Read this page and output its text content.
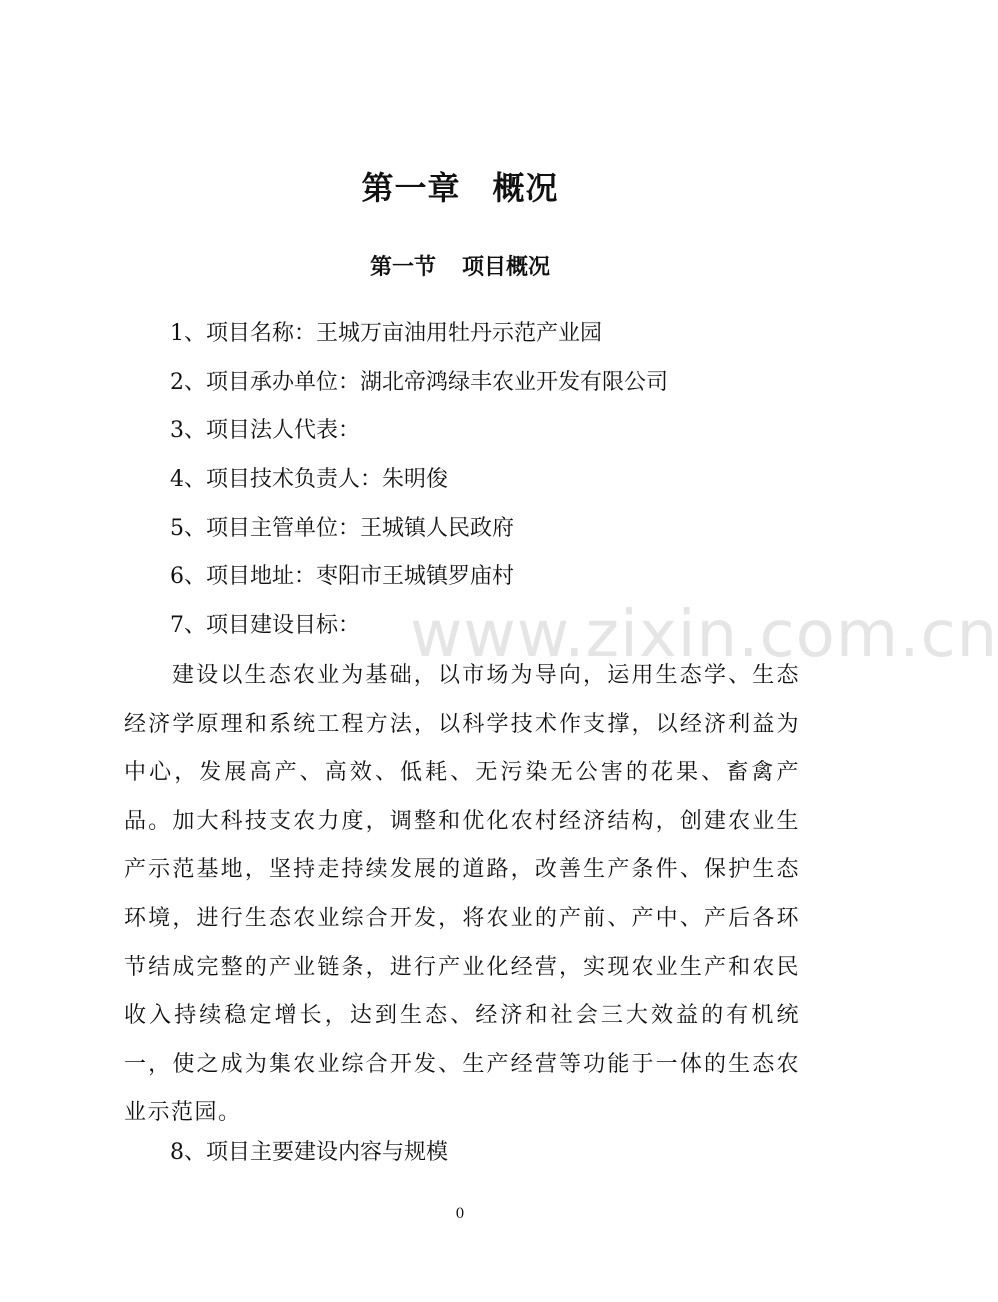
第一章 概况
第一节 项目概况
1、项目名称：王城万亩油用牡丹示范产业园
2、项目承办单位：湖北帝鸿绿丰农业开发有限公司
3、项目法人代表：
4、项目技术负责人：朱明俊
5、项目主管单位：王城镇人民政府
6、项目地址：枣阳市王城镇罗庙村
7、项目建设目标：
建设以生态农业为基础，以市场为导向，运用生态学、生态经济学原理和系统工程方法，以科学技术作支撑，以经济利益为中心，发展高产、高效、低耗、无污染无公害的花果、畜禽产品。加大科技支农力度，调整和优化农村经济结构，创建农业生产示范基地，坚持走持续发展的道路，改善生产条件、保护生态环境，进行生态农业综合开发，将农业的产前、产中、产后各环节结成完整的产业链条，进行产业化经营，实现农业生产和农民收入持续稳定增长，达到生态、经济和社会三大效益的有机统一，使之成为集农业综合开发、生产经营等功能于一体的生态农业示范园。
8、项目主要建设内容与规模
www.zixin.com.cn
0
